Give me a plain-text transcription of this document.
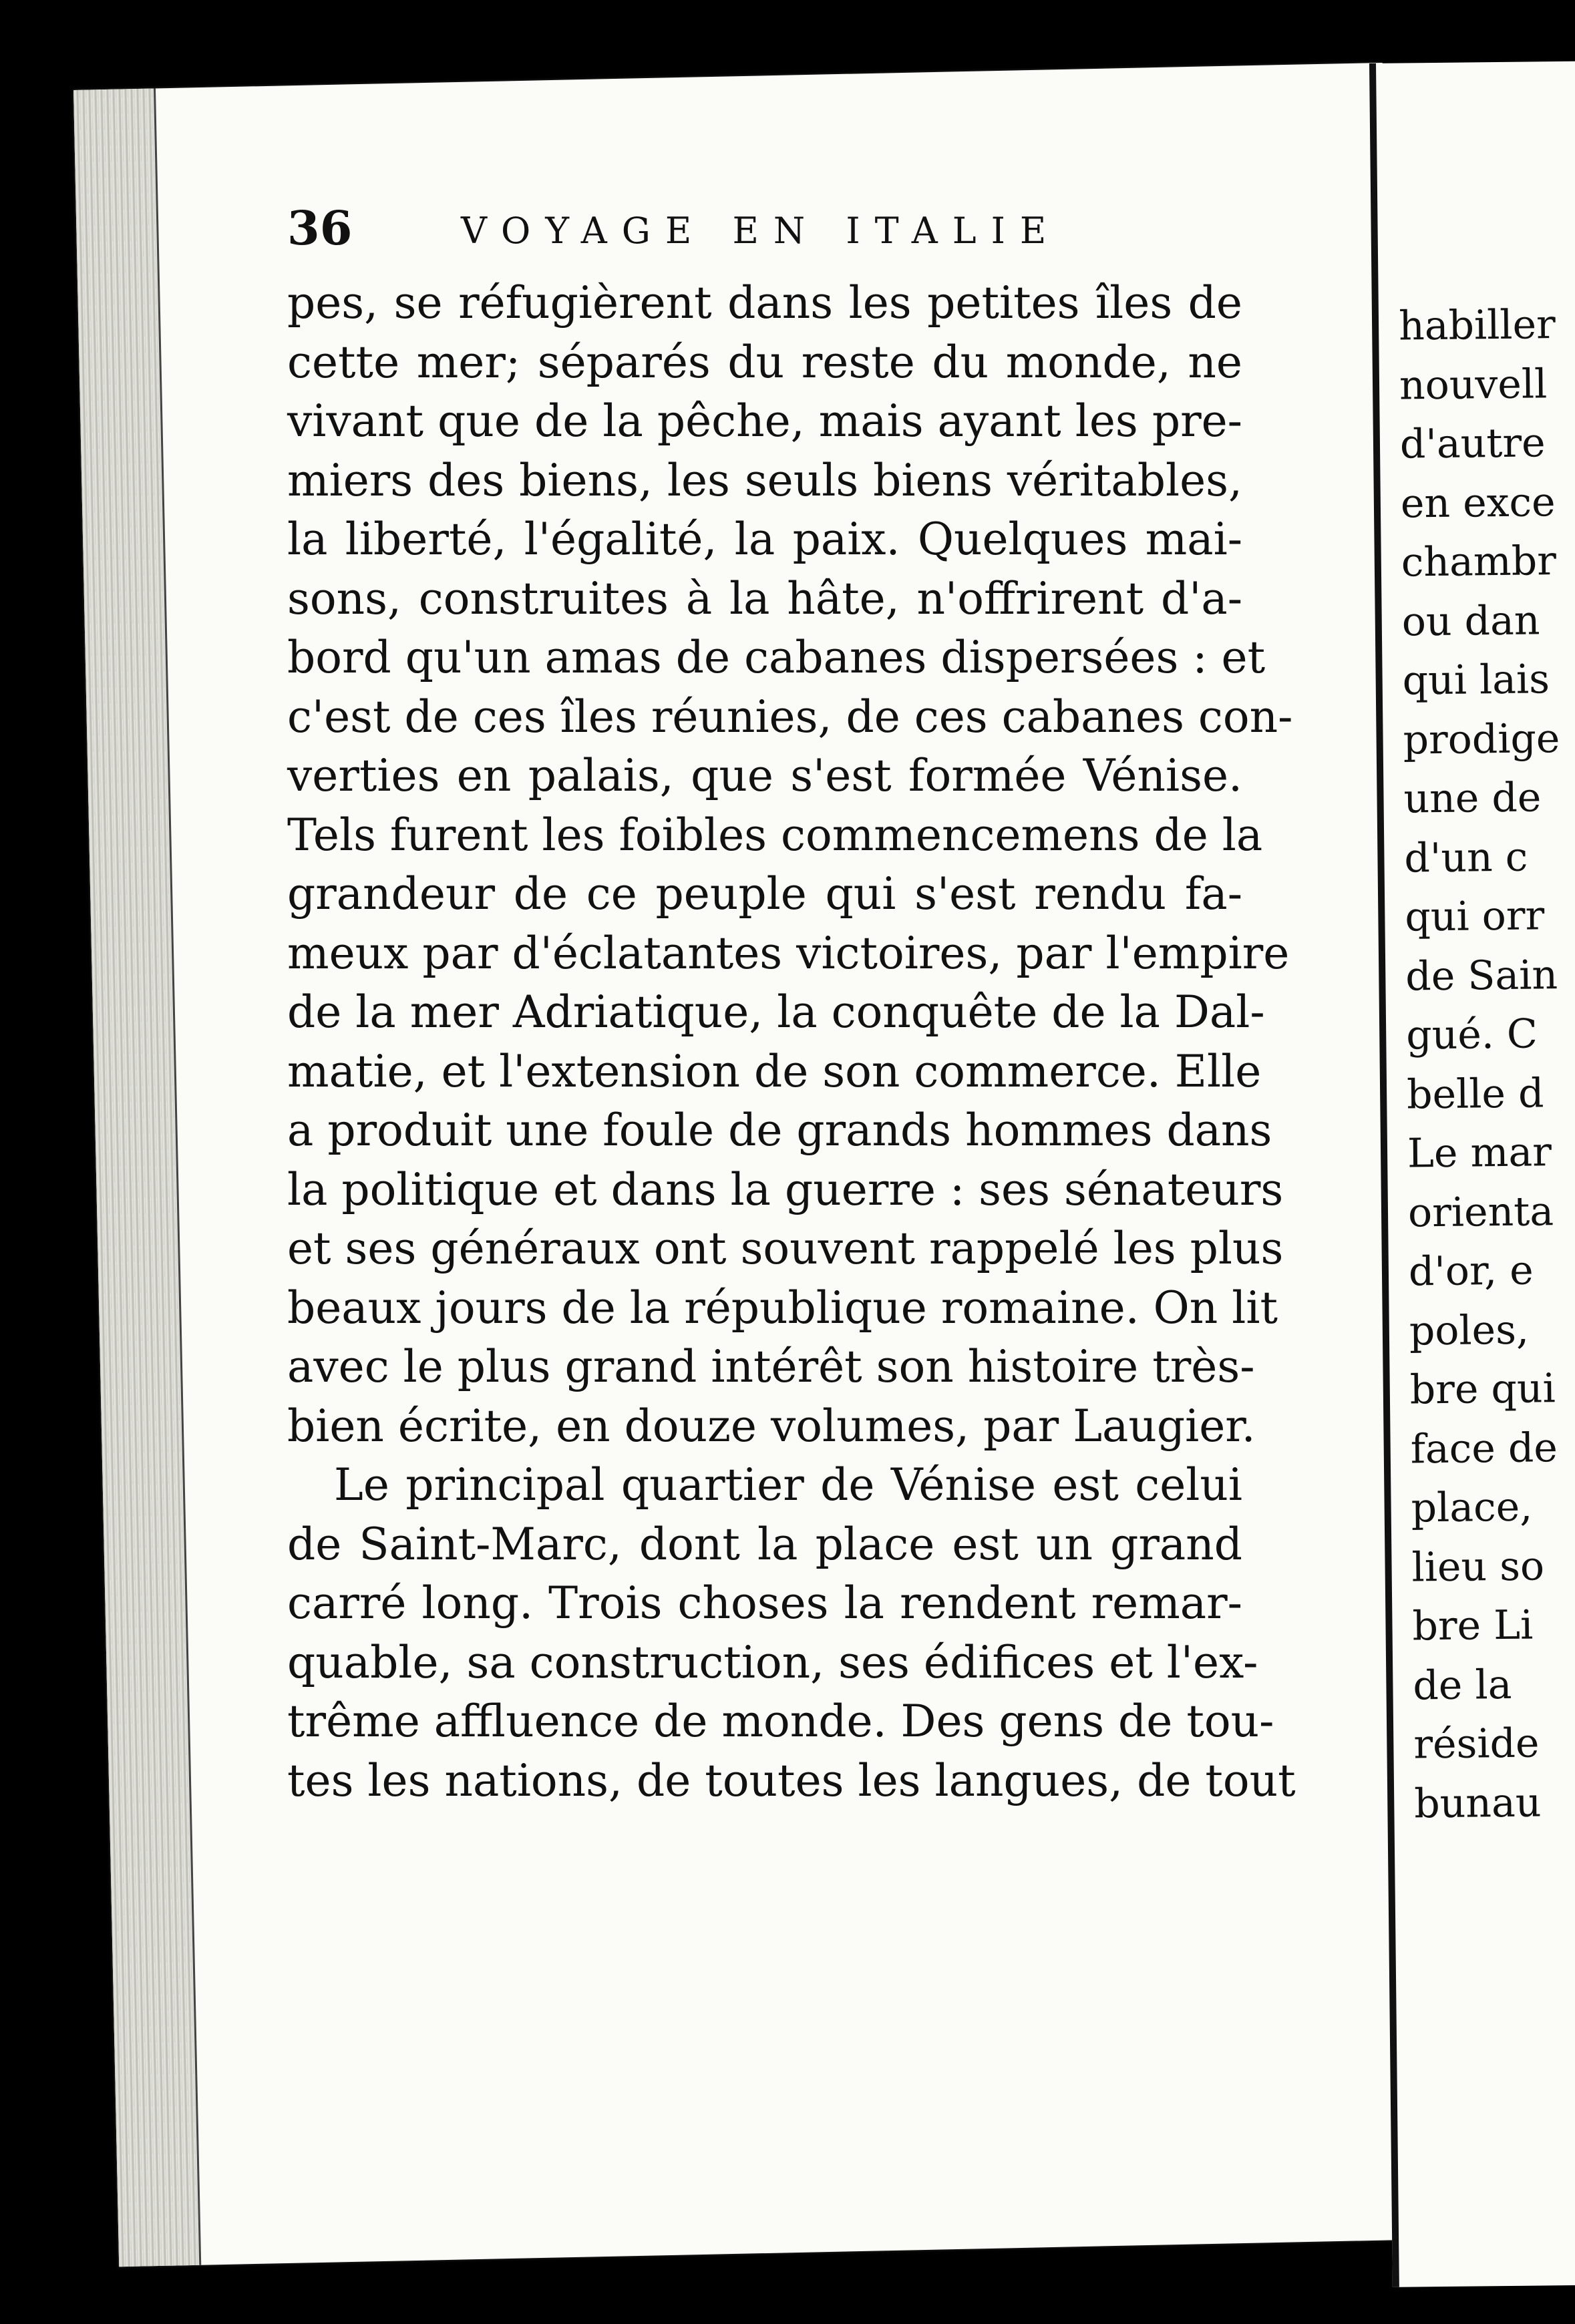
habiller
nouvell
d'autre
en exce
chambr
ou dan
qui lais
prodige
une de
d'un c
qui orr
de Sain
gué. C
belle d
Le mar
orienta
d'or, e
poles,
bre qui
face de
place,
lieu so
bre Li
de la
réside
bunau
36	VOYAGE EN ITALIE
pes, se réfugièrent dans les petites îles de
cette mer; séparés du reste du monde, ne
vivant que de la pêche, mais ayant les pre-
miers des biens, les seuls biens véritables,
la liberté, l'égalité, la paix. Quelques mai-
sons, construites à la hâte, n'offrirent d'a-
bord qu'un amas de cabanes dispersées : et
c'est de ces îles réunies, de ces cabanes con-
verties en palais, que s'est formée Vénise.
Tels furent les foibles commencemens de la
grandeur de ce peuple qui s'est rendu fa-
meux par d'éclatantes victoires, par l'empire
de la mer Adriatique, la conquête de la Dal-
matie, et l'extension de son commerce. Elle
a produit une foule de grands hommes dans
la politique et dans la guerre : ses sénateurs
et ses généraux ont souvent rappelé les plus
beaux jours de la république romaine. On lit
avec le plus grand intérêt son histoire très-
bien écrite, en douze volumes, par Laugier.
Le principal quartier de Vénise est celui
de Saint-Marc, dont la place est un grand
carré long. Trois choses la rendent remar-
quable, sa construction, ses édifices et l'ex-
trême affluence de monde. Des gens de tou-
tes les nations, de toutes les langues, de tout
